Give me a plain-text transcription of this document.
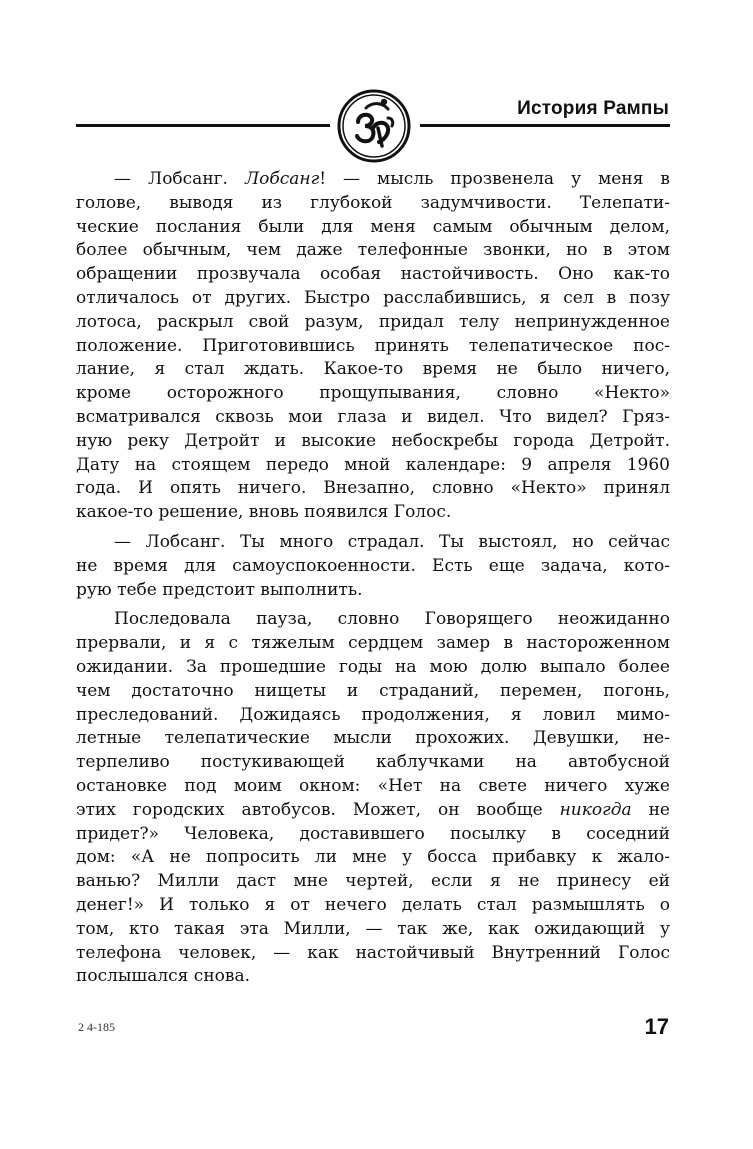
История Рампы
— Лобсанг. Лобсанг! — мысль прозвенела у меня в
голове, выводя из глубокой задумчивости. Телепати-
ческие послания были для меня самым обычным делом,
более обычным, чем даже телефонные звонки, но в этом
обращении прозвучала особая настойчивость. Оно как-то
отличалось от других. Быстро расслабившись, я сел в позу
лотоса, раскрыл свой разум, придал телу непринужденное
положение. Приготовившись принять телепатическое пос-
лание, я стал ждать. Какое-то время не было ничего,
кроме осторожного прощупывания, словно «Некто»
всматривался сквозь мои глаза и видел. Что видел? Гряз-
ную реку Детройт и высокие небоскребы города Детройт.
Дату на стоящем передо мной календаре: 9 апреля 1960
года. И опять ничего. Внезапно, словно «Некто» принял
какое-то решение, вновь появился Голос.
— Лобсанг. Ты много страдал. Ты выстоял, но сейчас
не время для самоуспокоенности. Есть еще задача, кото-
рую тебе предстоит выполнить.
Последовала пауза, словно Говорящего неожиданно
прервали, и я с тяжелым сердцем замер в настороженном
ожидании. За прошедшие годы на мою долю выпало более
чем достаточно нищеты и страданий, перемен, погонь,
преследований. Дожидаясь продолжения, я ловил мимо-
летные телепатические мысли прохожих. Девушки, не-
терпеливо постукивающей каблучками на автобусной
остановке под моим окном: «Нет на свете ничего хуже
этих городских автобусов. Может, он вообще никогда не
придет?» Человека, доставившего посылку в соседний
дом: «А не попросить ли мне у босса прибавку к жало-
ванью? Милли даст мне чертей, если я не принесу ей
денег!» И только я от нечего делать стал размышлять о
том, кто такая эта Милли, — так же, как ожидающий у
телефона человек, — как настойчивый Внутренний Голос
послышался снова.
2 4-185	17
